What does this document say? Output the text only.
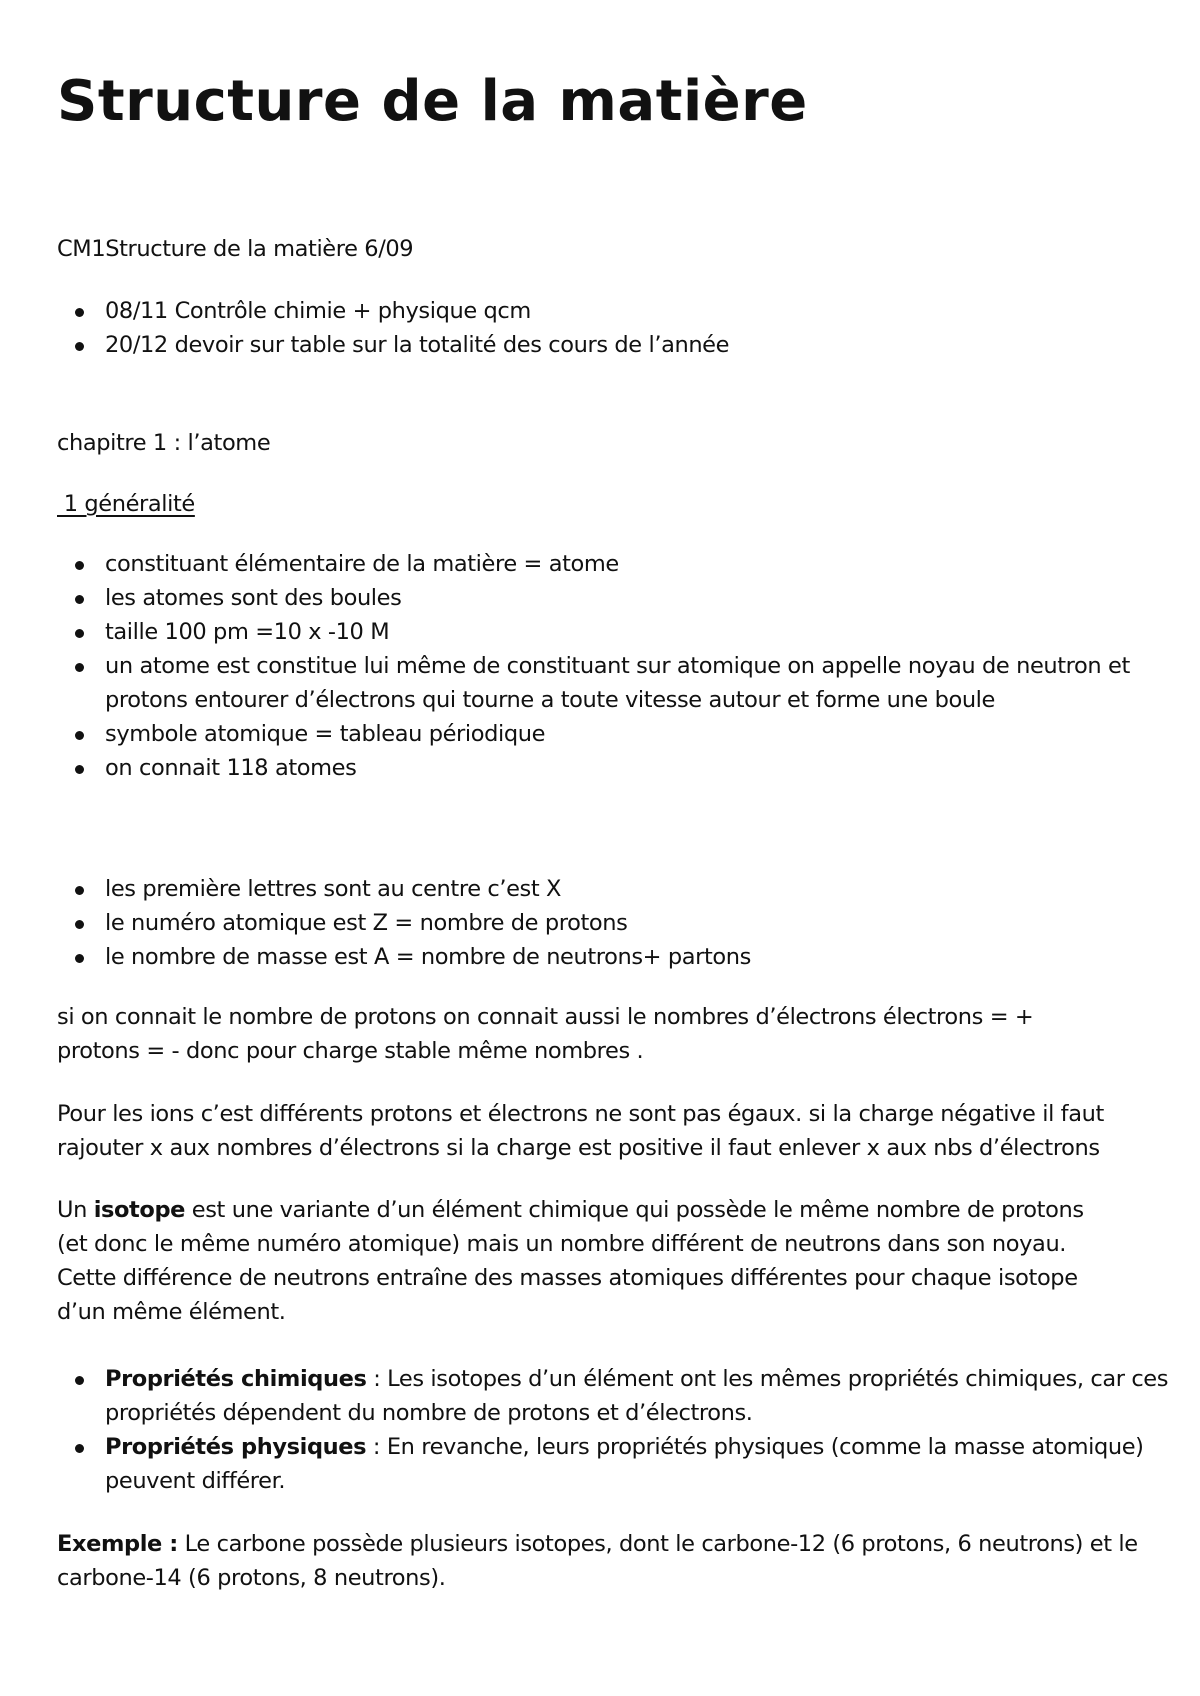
Structure de la matière

CM1Structure de la matière 6/09

08/11 Contrôle chimie + physique qcm
20/12 devoir sur table sur la totalité des cours de l’année

chapitre 1 : l’atome

1 généralité

constituant élémentaire de la matière = atome
les atomes sont des boules
taille 100 pm =10 x -10 M
un atome est constitue lui même de constituant sur atomique on appelle noyau de neutron et protons entourer d’électrons qui tourne a toute vitesse autour et forme une boule
symbole atomique = tableau périodique
on connait 118 atomes
les première lettres sont au centre c’est X
le numéro atomique est Z = nombre de protons
le nombre de masse est A = nombre de neutrons+ partons

si on connait le nombre de protons on connait aussi le nombres d’électrons électrons = + protons = - donc pour charge stable même nombres .

Pour les ions c’est différents protons et électrons ne sont pas égaux. si la charge négative il faut rajouter x aux nombres d’électrons si la charge est positive il faut enlever x aux nbs d’électrons

Un isotope est une variante d’un élément chimique qui possède le même nombre de protons (et donc le même numéro atomique) mais un nombre différent de neutrons dans son noyau. Cette différence de neutrons entraîne des masses atomiques différentes pour chaque isotope d’un même élément.

Propriétés chimiques : Les isotopes d’un élément ont les mêmes propriétés chimiques, car ces propriétés dépendent du nombre de protons et d’électrons.
Propriétés physiques : En revanche, leurs propriétés physiques (comme la masse atomique) peuvent différer.

Exemple : Le carbone possède plusieurs isotopes, dont le carbone-12 (6 protons, 6 neutrons) et le carbone-14 (6 protons, 8 neutrons).
